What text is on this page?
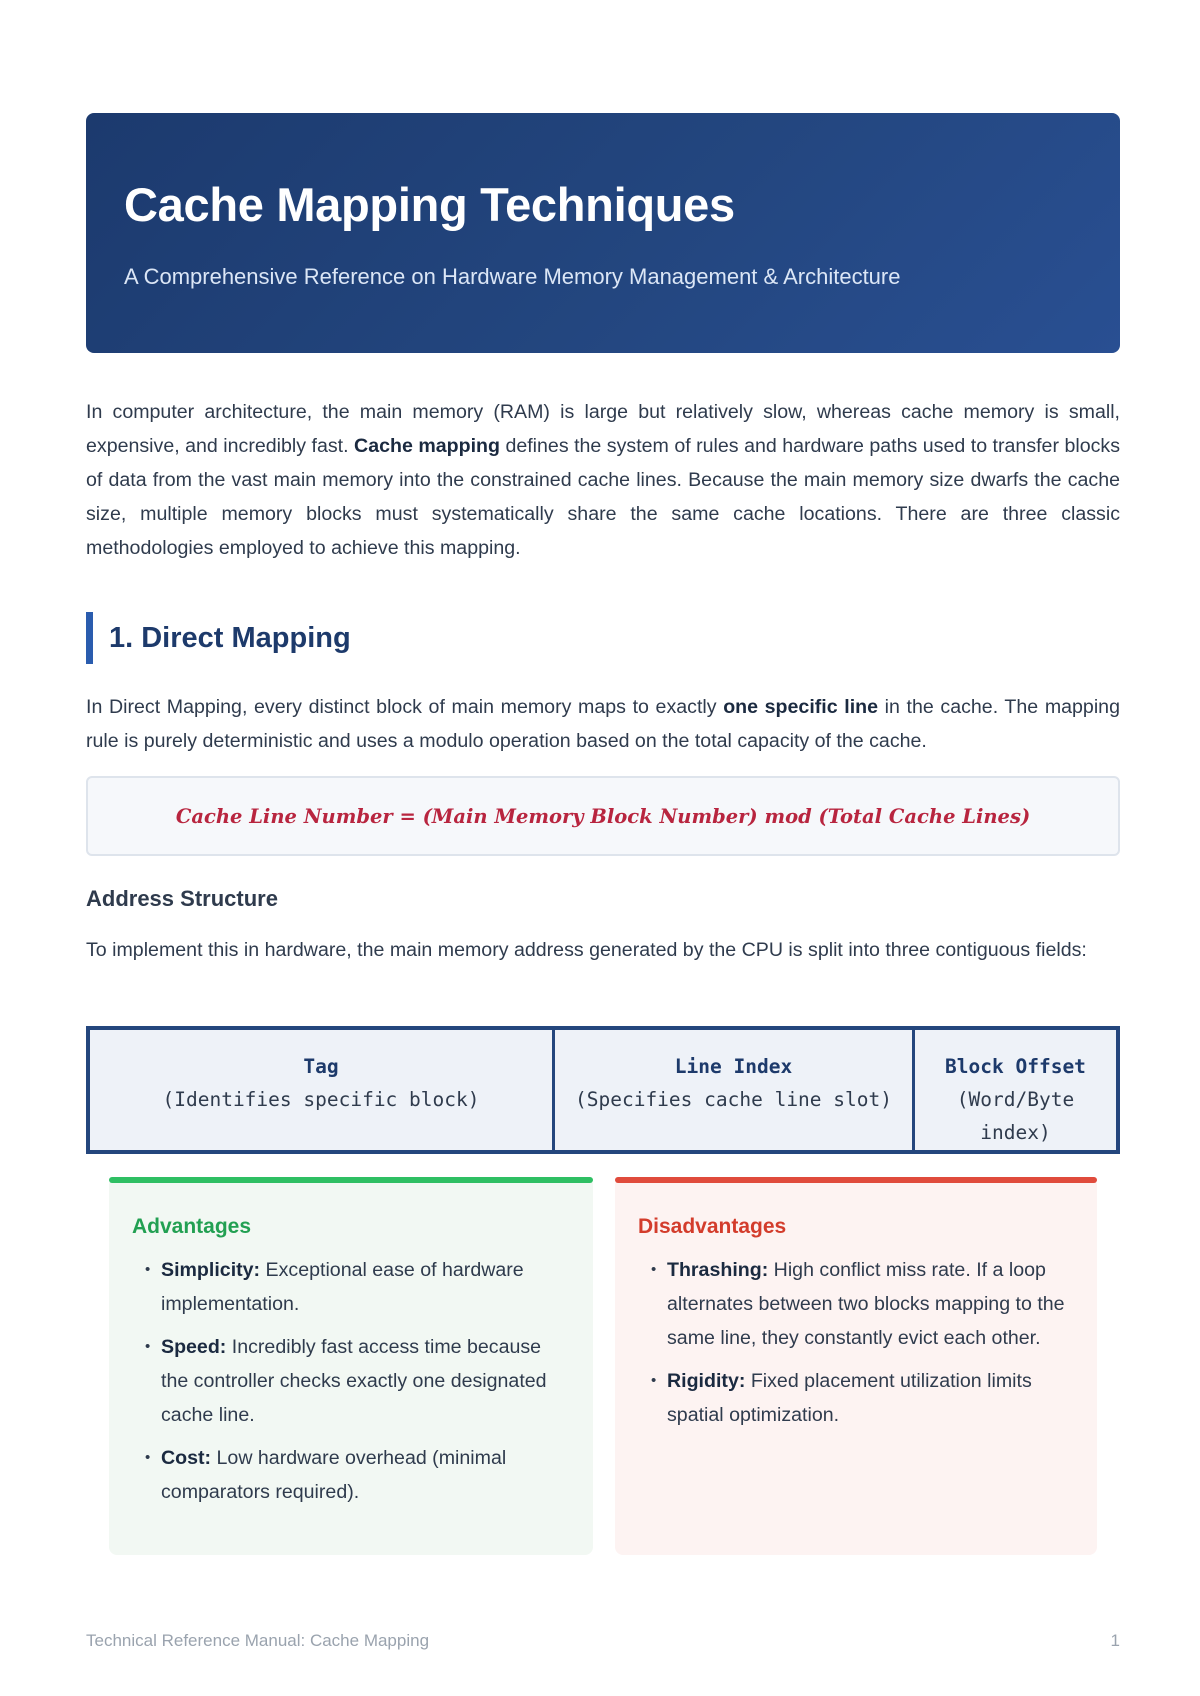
Cache Mapping Techniques
A Comprehensive Reference on Hardware Memory Management & Architecture

In computer architecture, the main memory (RAM) is large but relatively slow, whereas cache memory is small, expensive, and incredibly fast. Cache mapping defines the system of rules and hardware paths used to transfer blocks of data from the vast main memory into the constrained cache lines. Because the main memory size dwarfs the cache size, multiple memory blocks must systematically share the same cache locations. There are three classic methodologies employed to achieve this mapping.

1. Direct Mapping

In Direct Mapping, every distinct block of main memory maps to exactly one specific line in the cache. The mapping rule is purely deterministic and uses a modulo operation based on the total capacity of the cache.

Cache Line Number = (Main Memory Block Number) mod (Total Cache Lines)
Address Structure

To implement this in hardware, the main memory address generated by the CPU is split into three contiguous fields:

Tag
(Identifies specific block)
Line Index
(Specifies cache line slot)
Block Offset
(Word/Byte index)
Advantages
• Simplicity: Exceptional ease of hardware implementation.
• Speed: Incredibly fast access time because the controller checks exactly one designated cache line.
• Cost: Low hardware overhead (minimal comparators required).
Disadvantages
• Thrashing: High conflict miss rate. If a loop alternates between two blocks mapping to the same line, they constantly evict each other.
• Rigidity: Fixed placement utilization limits spatial optimization.
Technical Reference Manual: Cache Mapping	1
